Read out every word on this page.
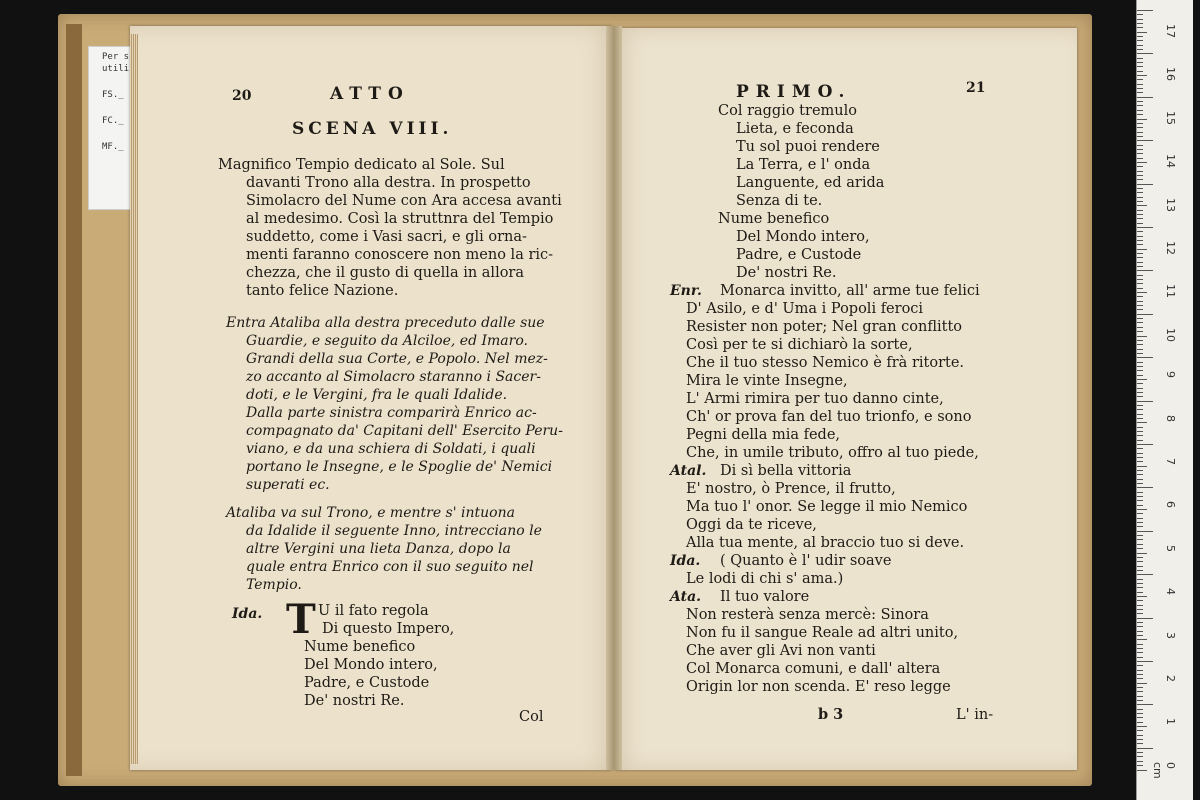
Per s
utili
FS._
FC._
MF._
20	ATTO
SCENA VIII.
Magnifico Tempio dedicato al Sole. Sul
davanti Trono alla destra. In prospetto
Simolacro del Nume con Ara accesa avanti
al medesimo. Così la struttnra del Tempio
suddetto, come i Vasi sacri, e gli orna-
menti faranno conoscere non meno la ric-
chezza, che il gusto di quella in allora
tanto felice Nazione.
Entra Ataliba alla destra preceduto dalle sue
Guardie, e seguito da Alciloe, ed Imaro.
Grandi della sua Corte, e Popolo. Nel mez-
zo accanto al Simolacro staranno i Sacer-
doti, e le Vergini, fra le quali Idalide.
Dalla parte sinistra comparirà Enrico ac-
compagnato da' Capitani dell' Esercito Peru-
viano, e da una schiera di Soldati, i quali
portano le Insegne, e le Spoglie de' Nemici
superati ec.
Ataliba va sul Trono, e mentre s' intuona
da Idalide il seguente Inno, intrecciano le
altre Vergini una lieta Danza, dopo la
quale entra Enrico con il suo seguito nel
Tempio.
Ida. T U il fato regola
Di questo Impero,
Nume benefico
Del Mondo intero,
Padre, e Custode
De' nostri Re.
Col
PRIMO.	21
Col raggio tremulo
Lieta, e feconda
Tu sol puoi rendere
La Terra, e l' onda
Languente, ed arida
Senza di te.
Nume benefico
Del Mondo intero,
Padre, e Custode
De' nostri Re.
Enr. Monarca invitto, all' arme tue felici
D' Asilo, e d' Uma i Popoli feroci
Resister non poter; Nel gran conflitto
Così per te si dichiarò la sorte,
Che il tuo stesso Nemico è frà ritorte.
Mira le vinte Insegne,
L' Armi rimira per tuo danno cinte,
Ch' or prova fan del tuo trionfo, e sono
Pegni della mia fede,
Che, in umile tributo, offro al tuo piede,
Atal. Di sì bella vittoria
E' nostro, ò Prence, il frutto,
Ma tuo l' onor. Se legge il mio Nemico
Oggi da te riceve,
Alla tua mente, al braccio tuo si deve.
Ida. ( Quanto è l' udir soave
Le lodi di chi s' ama.)
Ata. Il tuo valore
Non resterà senza mercè: Sinora
Non fu il sangue Reale ad altri unito,
Che aver gli Avi non vanti
Col Monarca comuni, e dall' altera
Origin lor non scenda. E' reso legge
b 3	L' in-
17
16
15
14
13
12
11
10
9
8
7
6
5
4
3
2
1
0 cm
